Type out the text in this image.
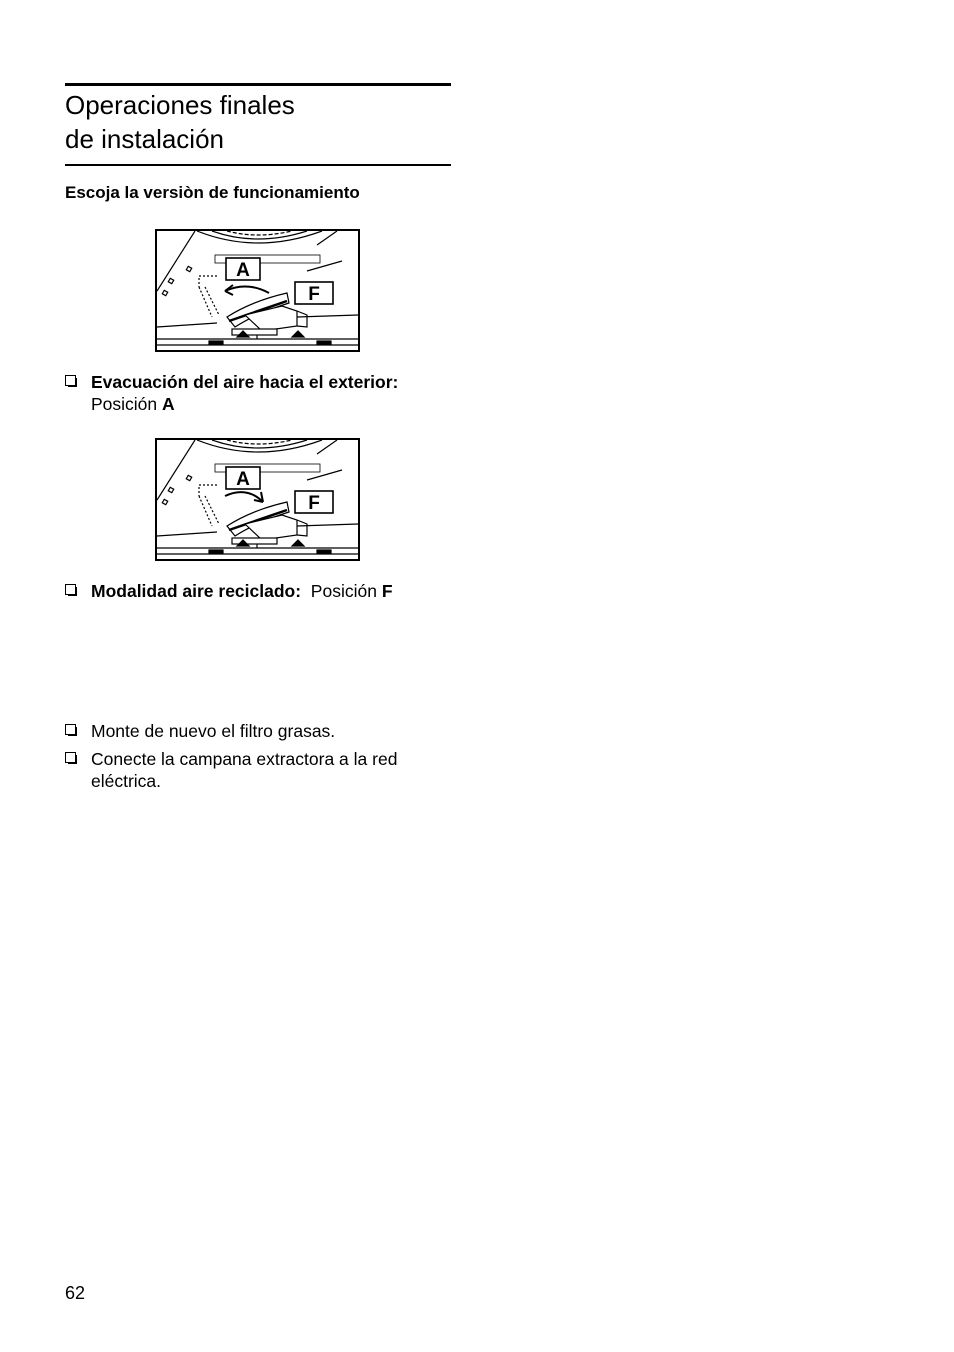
Operaciones finales
de instalación
Escoja la versiòn de funcionamiento
A
F
Evacuación del aire hacia el exterior:
Posición A
A
F
Modalidad aire reciclado: Posición F
Monte de nuevo el filtro grasas.
Conecte la campana extractora a la red eléctrica.
62
